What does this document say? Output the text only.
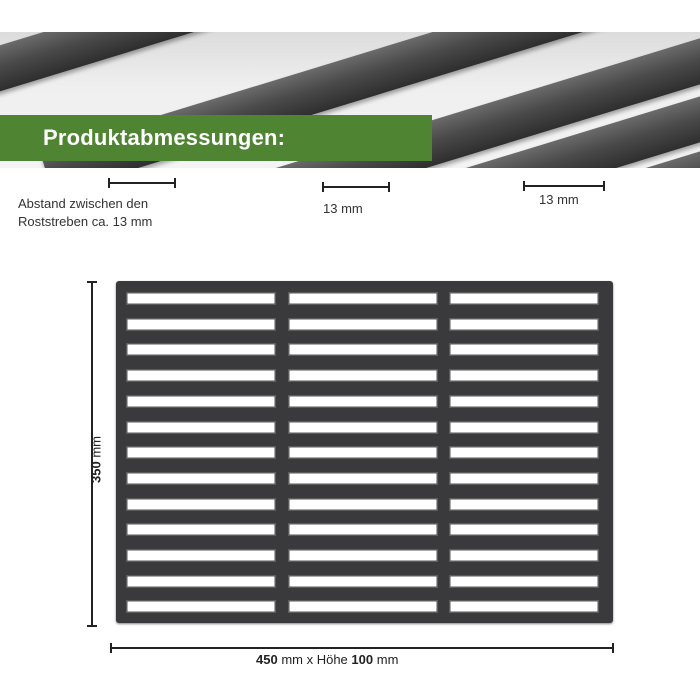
Produktabmessungen:
Abstand zwischen den
Roststreben ca. 13 mm
13 mm
13 mm
350 mm
450 mm x Höhe 100 mm
